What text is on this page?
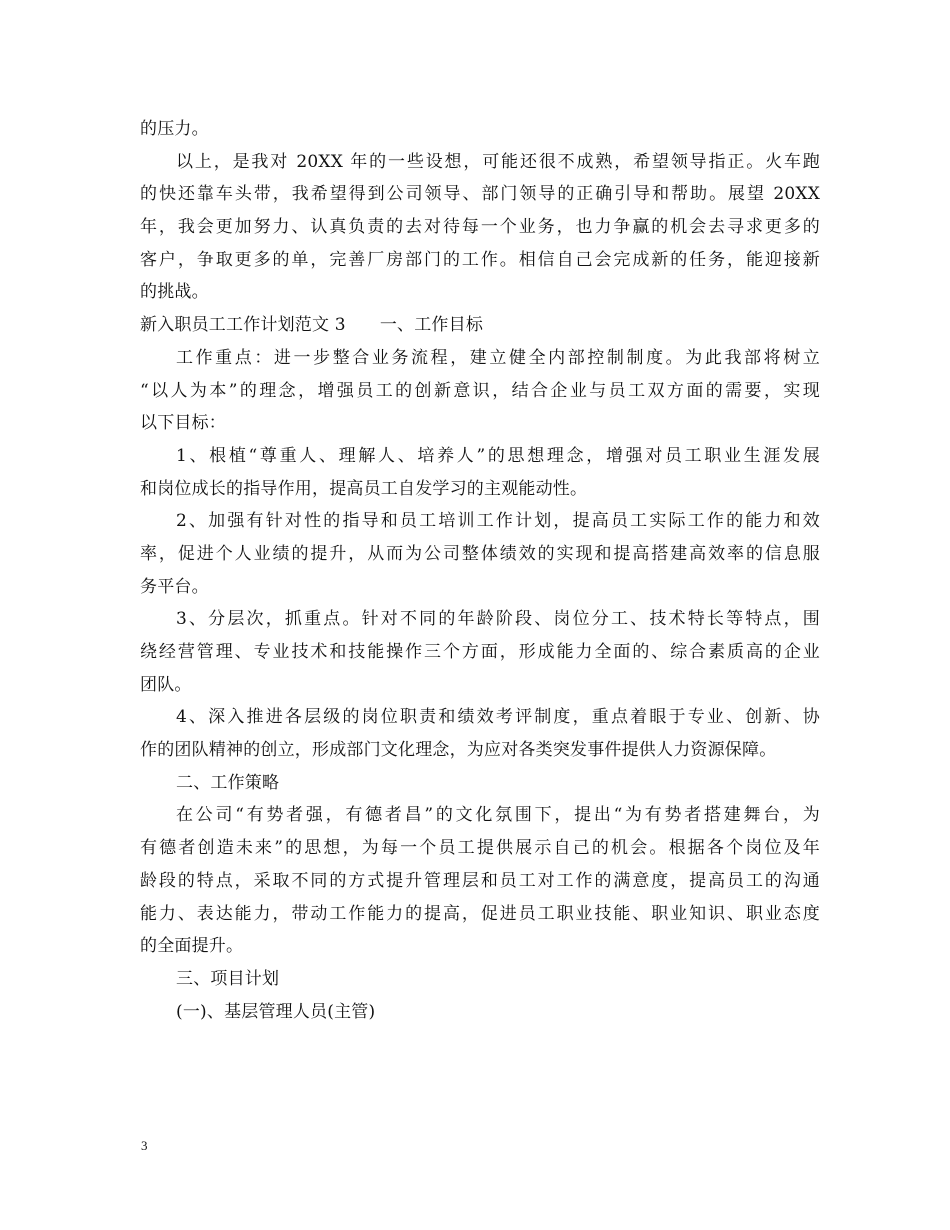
的压力。
以上，是我对 20XX 年的一些设想，可能还很不成熟，希望领导指正。火车跑
的快还靠车头带，我希望得到公司领导、部门领导的正确引导和帮助。展望 20XX
年，我会更加努力、认真负责的去对待每一个业务，也力争赢的机会去寻求更多的
客户，争取更多的单，完善厂房部门的工作。相信自己会完成新的任务，能迎接新
的挑战。
新入职员工工作计划范文 3 一、工作目标
工作重点：进一步整合业务流程，建立健全内部控制制度。为此我部将树立
“以人为本”的理念，增强员工的创新意识，结合企业与员工双方面的需要，实现
以下目标：
1、根植“尊重人、理解人、培养人”的思想理念，增强对员工职业生涯发展
和岗位成长的指导作用，提高员工自发学习的主观能动性。
2、加强有针对性的指导和员工培训工作计划，提高员工实际工作的能力和效
率，促进个人业绩的提升，从而为公司整体绩效的实现和提高搭建高效率的信息服
务平台。
3、分层次，抓重点。针对不同的年龄阶段、岗位分工、技术特长等特点，围
绕经营管理、专业技术和技能操作三个方面，形成能力全面的、综合素质高的企业
团队。
4、深入推进各层级的岗位职责和绩效考评制度，重点着眼于专业、创新、协
作的团队精神的创立，形成部门文化理念，为应对各类突发事件提供人力资源保障。
二、工作策略
在公司“有势者强，有德者昌”的文化氛围下，提出“为有势者搭建舞台，为
有德者创造未来”的思想，为每一个员工提供展示自己的机会。根据各个岗位及年
龄段的特点，采取不同的方式提升管理层和员工对工作的满意度，提高员工的沟通
能力、表达能力，带动工作能力的提高，促进员工职业技能、职业知识、职业态度
的全面提升。
三、项目计划
(一)、基层管理人员(主管)
3
